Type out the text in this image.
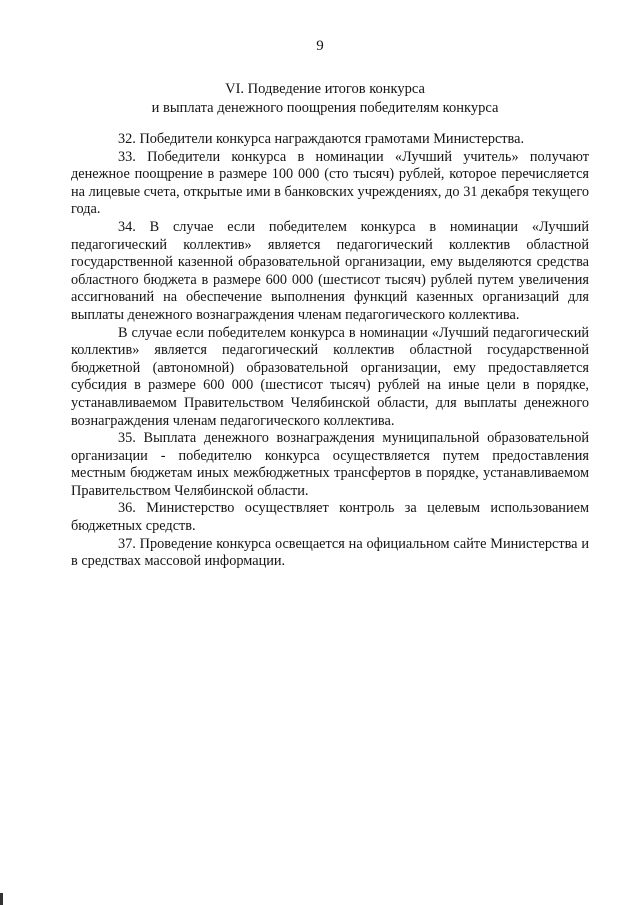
9
VI. Подведение итогов конкурса
и выплата денежного поощрения победителям конкурса

32. Победители конкурса награждаются грамотами Министерства.

33. Победители конкурса в номинации «Лучший учитель» получают денежное поощрение в размере 100 000 (сто тысяч) рублей, которое перечисляется на лицевые счета, открытые ими в банковских учреждениях, до 31 декабря текущего года.

34. В случае если победителем конкурса в номинации «Лучший педагогический коллектив» является педагогический коллектив областной государственной казенной образовательной организации, ему выделяются средства областного бюджета в размере 600 000 (шестисот тысяч) рублей путем увеличения ассигнований на обеспечение выполнения функций казенных организаций для выплаты денежного вознаграждения членам педагогического коллектива.

В случае если победителем конкурса в номинации «Лучший педагогический коллектив» является педагогический коллектив областной государственной бюджетной (автономной) образовательной организации, ему предоставляется субсидия в размере 600 000 (шестисот тысяч) рублей на иные цели в порядке, устанавливаемом Правительством Челябинской области, для выплаты денежного вознаграждения членам педагогического коллектива.

35. Выплата денежного вознаграждения муниципальной образовательной организации - победителю конкурса осуществляется путем предоставления местным бюджетам иных межбюджетных трансфертов в порядке, устанавливаемом Правительством Челябинской области.

36. Министерство осуществляет контроль за целевым использованием бюджетных средств.

37. Проведение конкурса освещается на официальном сайте Министерства и в средствах массовой информации.
